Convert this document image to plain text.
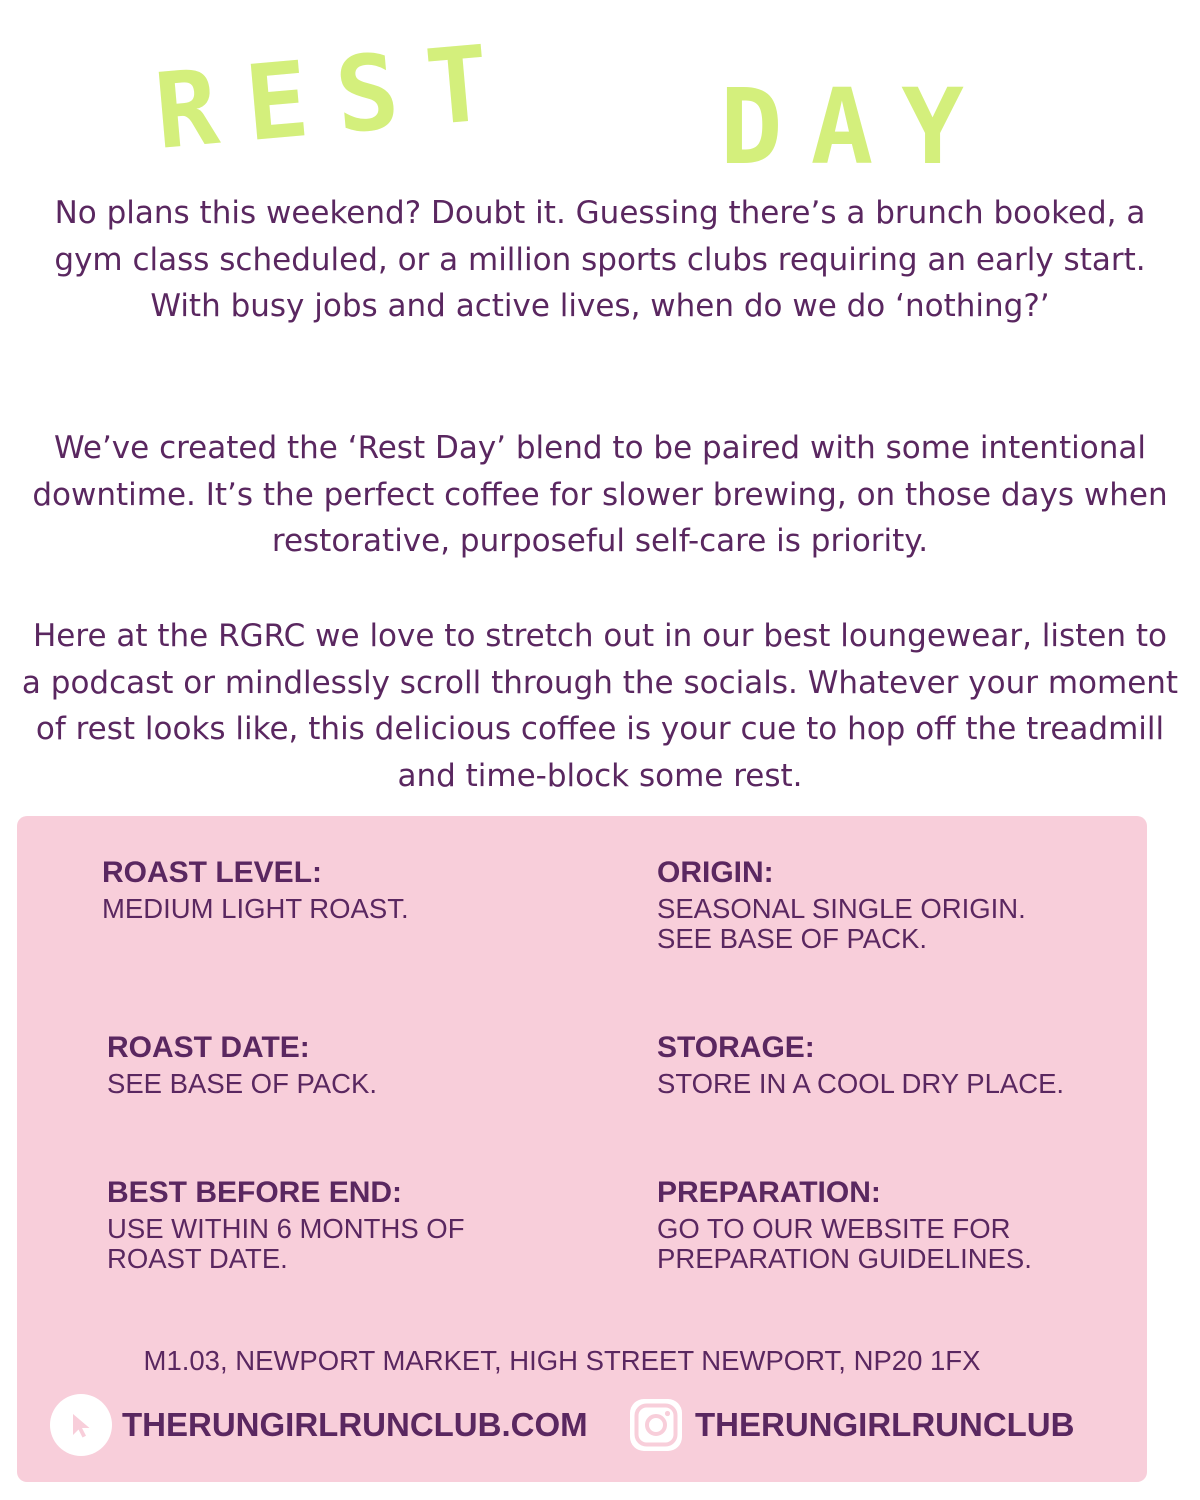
REST DAY

No plans this weekend? Doubt it. Guessing there’s a brunch booked, a gym class scheduled, or a million sports clubs requiring an early start. With busy jobs and active lives, when do we do ‘nothing?’

We’ve created the ‘Rest Day’ blend to be paired with some intentional downtime. It’s the perfect coffee for slower brewing, on those days when restorative, purposeful self-care is priority.

Here at the RGRC we love to stretch out in our best loungewear, listen to a podcast or mindlessly scroll through the socials. Whatever your moment of rest looks like, this delicious coffee is your cue to hop off the treadmill and time-block some rest.

ROAST LEVEL:

MEDIUM LIGHT ROAST.

ORIGIN:

SEASONAL SINGLE ORIGIN.
SEE BASE OF PACK.

ROAST DATE:

SEE BASE OF PACK.

STORAGE:

STORE IN A COOL DRY PLACE.

BEST BEFORE END:

USE WITHIN 6 MONTHS OF
ROAST DATE.

PREPARATION:

GO TO OUR WEBSITE FOR
PREPARATION GUIDELINES.

M1.03, NEWPORT MARKET, HIGH STREET NEWPORT, NP20 1FX

THERUNGIRLRUNCLUB.COM	THERUNGIRLRUNCLUB
